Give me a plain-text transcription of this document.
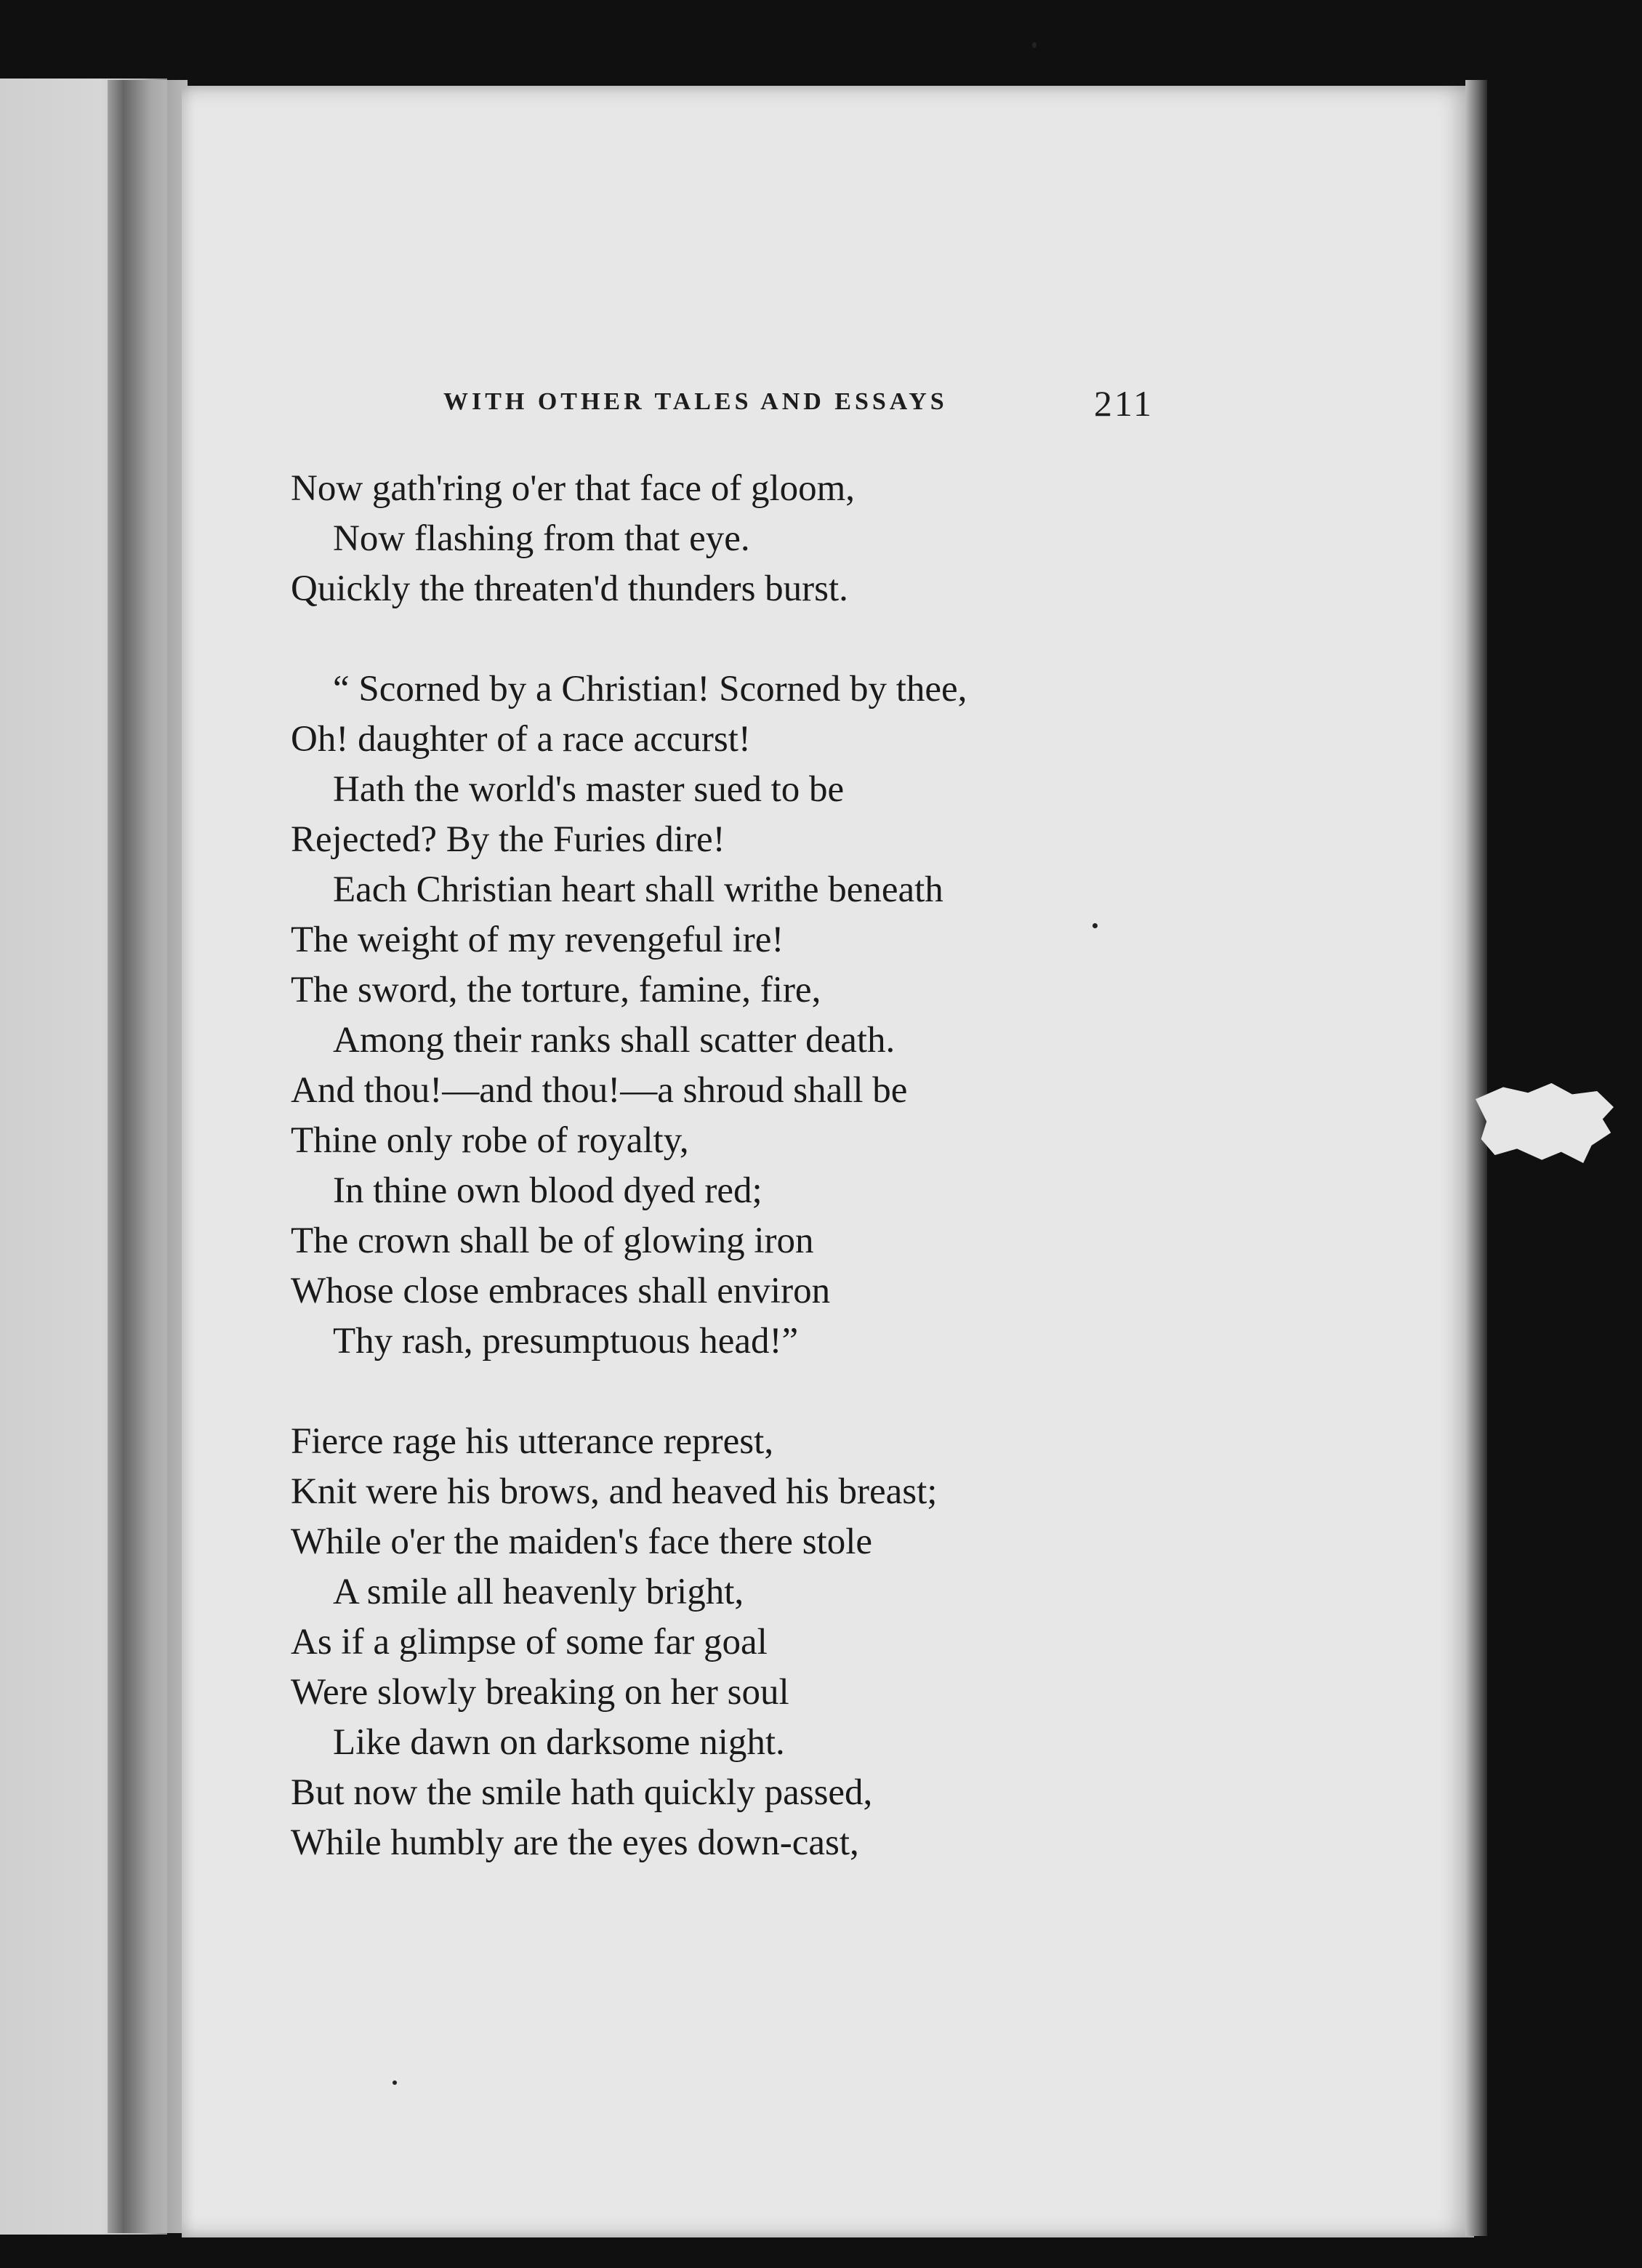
WITH OTHER TALES AND ESSAYS	211
Now gath'ring o'er that face of gloom,
Now flashing from that eye.
Quickly the threaten'd thunders burst.
“ Scorned by a Christian! Scorned by thee,
Oh! daughter of a race accurst!
Hath the world's master sued to be
Rejected? By the Furies dire!
Each Christian heart shall writhe beneath
The weight of my revengeful ire!
The sword, the torture, famine, fire,
Among their ranks shall scatter death.
And thou!—and thou!—a shroud shall be
Thine only robe of royalty,
In thine own blood dyed red;
The crown shall be of glowing iron
Whose close embraces shall environ
Thy rash, presumptuous head!”
Fierce rage his utterance represt,
Knit were his brows, and heaved his breast;
While o'er the maiden's face there stole
A smile all heavenly bright,
As if a glimpse of some far goal
Were slowly breaking on her soul
Like dawn on darksome night.
But now the smile hath quickly passed,
While humbly are the eyes down-cast,
